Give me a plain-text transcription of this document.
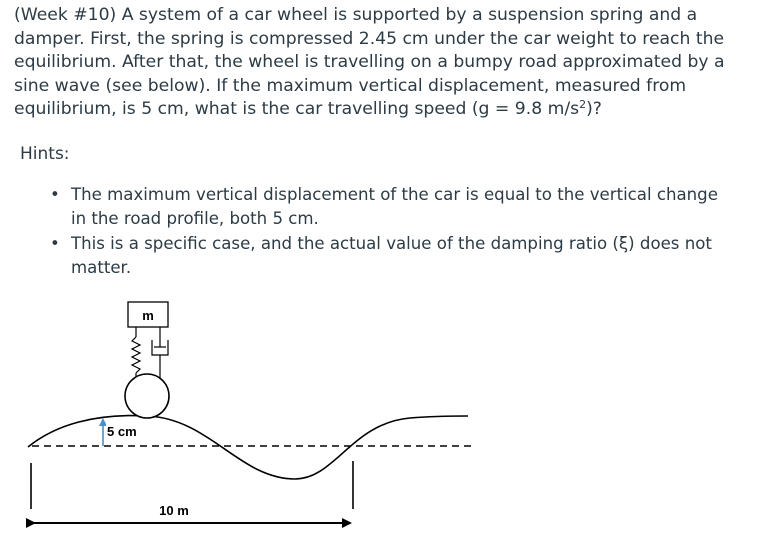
(Week #10) A system of a car wheel is supported by a suspension spring and a
damper. First, the spring is compressed 2.45 cm under the car weight to reach the
equilibrium. After that, the wheel is travelling on a bumpy road approximated by a
sine wave (see below). If the maximum vertical displacement, measured from
equilibrium, is 5 cm, what is the car travelling speed (g = 9.8 $m/s^2$)?

Hints:

• The maximum vertical displacement of the car is equal to the vertical change
in the road profile, both 5 cm.
• This is a specific case, and the actual value of the damping ratio (ξ) does not
matter.
m
5 cm
10 m
